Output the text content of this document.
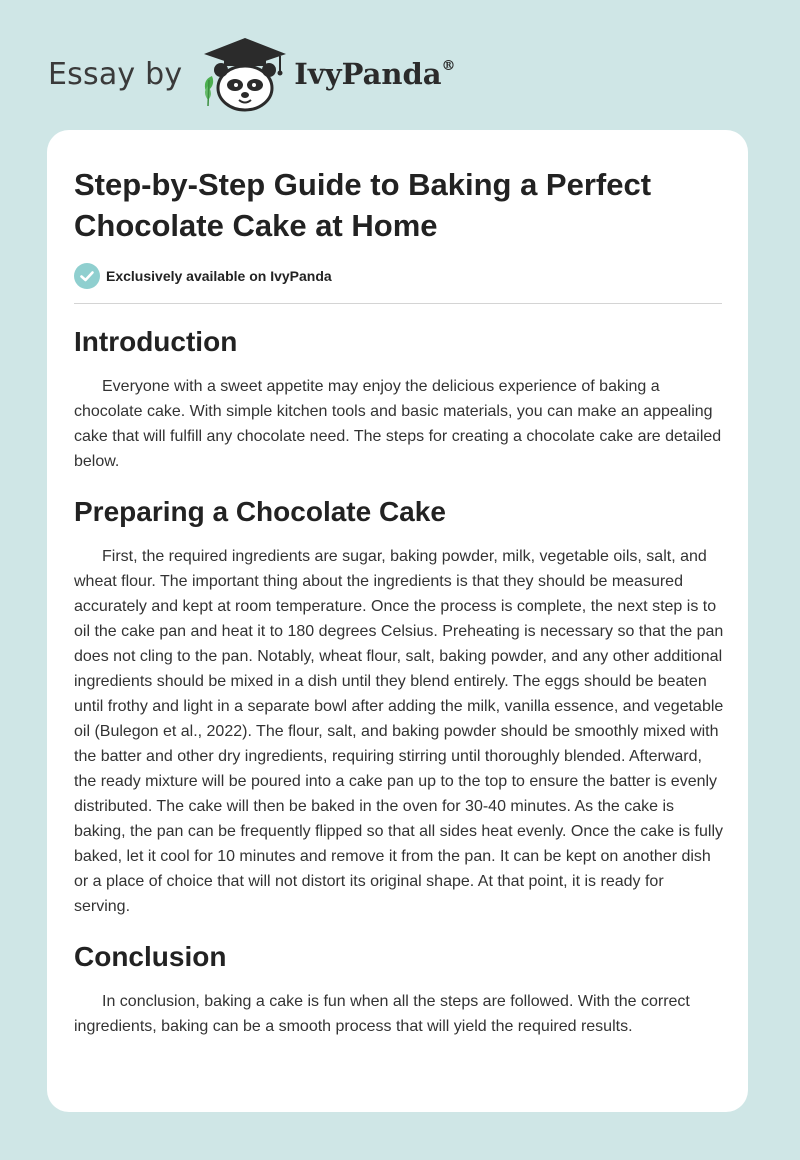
Essay by	IvyPanda®
Step-by-Step Guide to Baking a Perfect Chocolate Cake at Home
Exclusively available on IvyPanda
Introduction

Everyone with a sweet appetite may enjoy the delicious experience of baking a chocolate cake. With simple kitchen tools and basic materials, you can make an appealing cake that will fulfill any chocolate need. The steps for creating a chocolate cake are detailed below.

Preparing a Chocolate Cake

First, the required ingredients are sugar, baking powder, milk, vegetable oils, salt, and wheat flour. The important thing about the ingredients is that they should be measured accurately and kept at room temperature. Once the process is complete, the next step is to oil the cake pan and heat it to 180 degrees Celsius. Preheating is necessary so that the pan does not cling to the pan. Notably, wheat flour, salt, baking powder, and any other additional ingredients should be mixed in a dish until they blend entirely. The eggs should be beaten until frothy and light in a separate bowl after adding the milk, vanilla essence, and vegetable oil (Bulegon et al., 2022). The flour, salt, and baking powder should be smoothly mixed with the batter and other dry ingredients, requiring stirring until thoroughly blended. Afterward, the ready mixture will be poured into a cake pan up to the top to ensure the batter is evenly distributed. The cake will then be baked in the oven for 30-40 minutes. As the cake is baking, the pan can be frequently flipped so that all sides heat evenly. Once the cake is fully baked, let it cool for 10 minutes and remove it from the pan. It can be kept on another dish or a place of choice that will not distort its original shape. At that point, it is ready for serving.

Conclusion

In conclusion, baking a cake is fun when all the steps are followed. With the correct ingredients, baking can be a smooth process that will yield the required results.
